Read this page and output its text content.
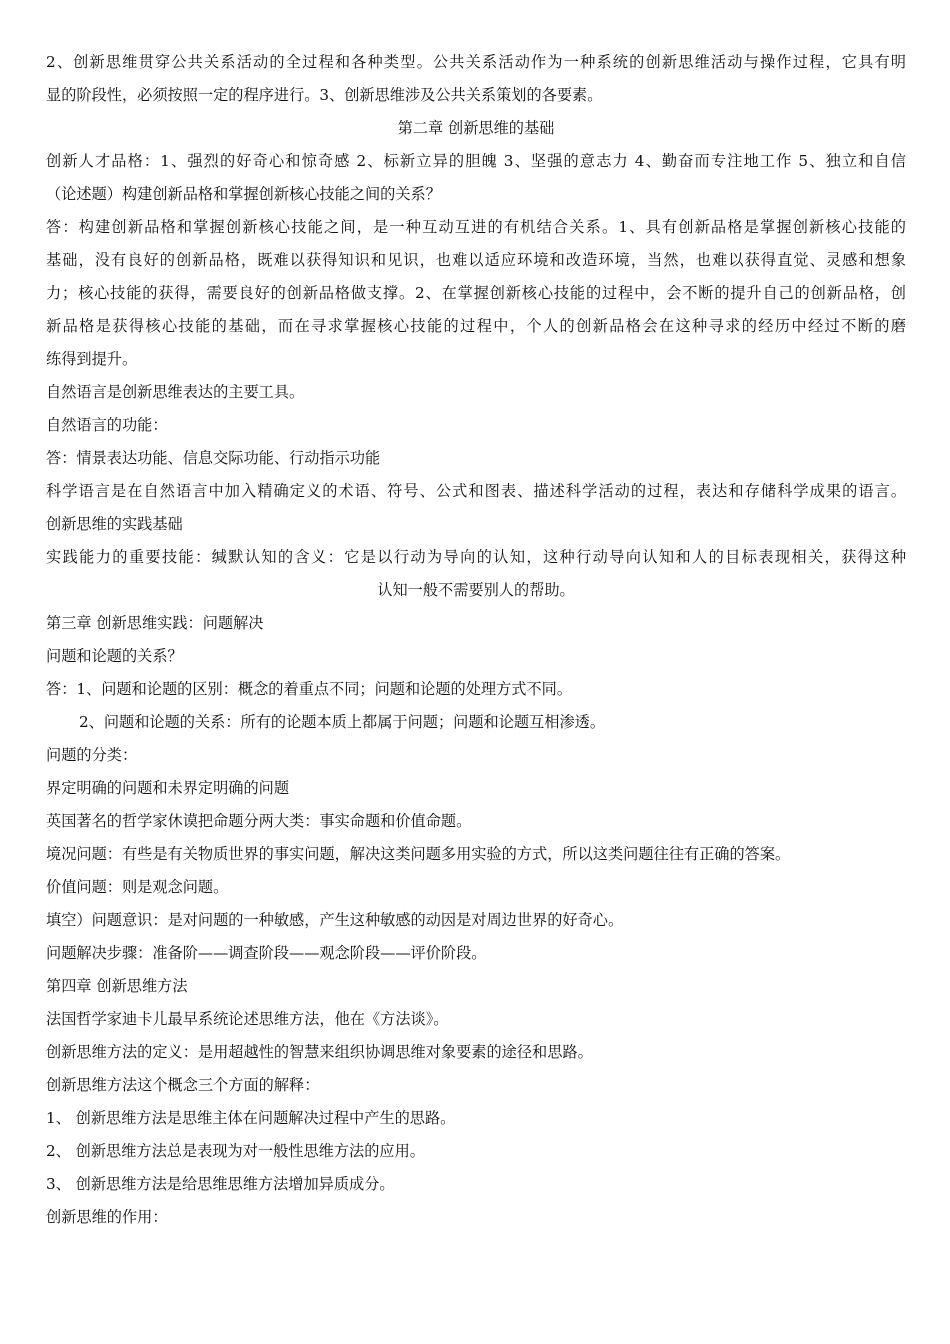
2、创新思维贯穿公共关系活动的全过程和各种类型。公共关系活动作为一种系统的创新思维活动与操作过程，它具有明
显的阶段性，必须按照一定的程序进行。3、创新思维涉及公共关系策划的各要素。
第二章 创新思维的基础
创新人才品格：1、强烈的好奇心和惊奇感 2、标新立异的胆魄 3、坚强的意志力 4、勤奋而专注地工作 5、独立和自信
（论述题）构建创新品格和掌握创新核心技能之间的关系？
答：构建创新品格和掌握创新核心技能之间，是一种互动互进的有机结合关系。1、具有创新品格是掌握创新核心技能的
基础，没有良好的创新品格，既难以获得知识和见识，也难以适应环境和改造环境，当然，也难以获得直觉、灵感和想象
力；核心技能的获得，需要良好的创新品格做支撑。2、在掌握创新核心技能的过程中，会不断的提升自己的创新品格，创
新品格是获得核心技能的基础，而在寻求掌握核心技能的过程中，个人的创新品格会在这种寻求的经历中经过不断的磨
练得到提升。
自然语言是创新思维表达的主要工具。
自然语言的功能：
答：情景表达功能、信息交际功能、行动指示功能
科学语言是在自然语言中加入精确定义的术语、符号、公式和图表、描述科学活动的过程，表达和存储科学成果的语言。
创新思维的实践基础
实践能力的重要技能：缄默认知的含义：它是以行动为导向的认知，这种行动导向认知和人的目标表现相关，获得这种
认知一般不需要别人的帮助。
第三章 创新思维实践：问题解决
问题和论题的关系？
答：1、问题和论题的区别：概念的着重点不同；问题和论题的处理方式不同。
2、问题和论题的关系：所有的论题本质上都属于问题；问题和论题互相渗透。
问题的分类：
界定明确的问题和未界定明确的问题
英国著名的哲学家休谟把命题分两大类：事实命题和价值命题。
境况问题：有些是有关物质世界的事实问题，解决这类问题多用实验的方式，所以这类问题往往有正确的答案。
价值问题：则是观念问题。
填空）问题意识：是对问题的一种敏感，产生这种敏感的动因是对周边世界的好奇心。
问题解决步骤：准备阶——调查阶段——观念阶段——评价阶段。
第四章 创新思维方法
法国哲学家迪卡儿最早系统论述思维方法，他在《方法谈》。
创新思维方法的定义：是用超越性的智慧来组织协调思维对象要素的途径和思路。
创新思维方法这个概念三个方面的解释：
1、 创新思维方法是思维主体在问题解决过程中产生的思路。
2、 创新思维方法总是表现为对一般性思维方法的应用。
3、 创新思维方法是给思维思维方法增加异质成分。
创新思维的作用：
